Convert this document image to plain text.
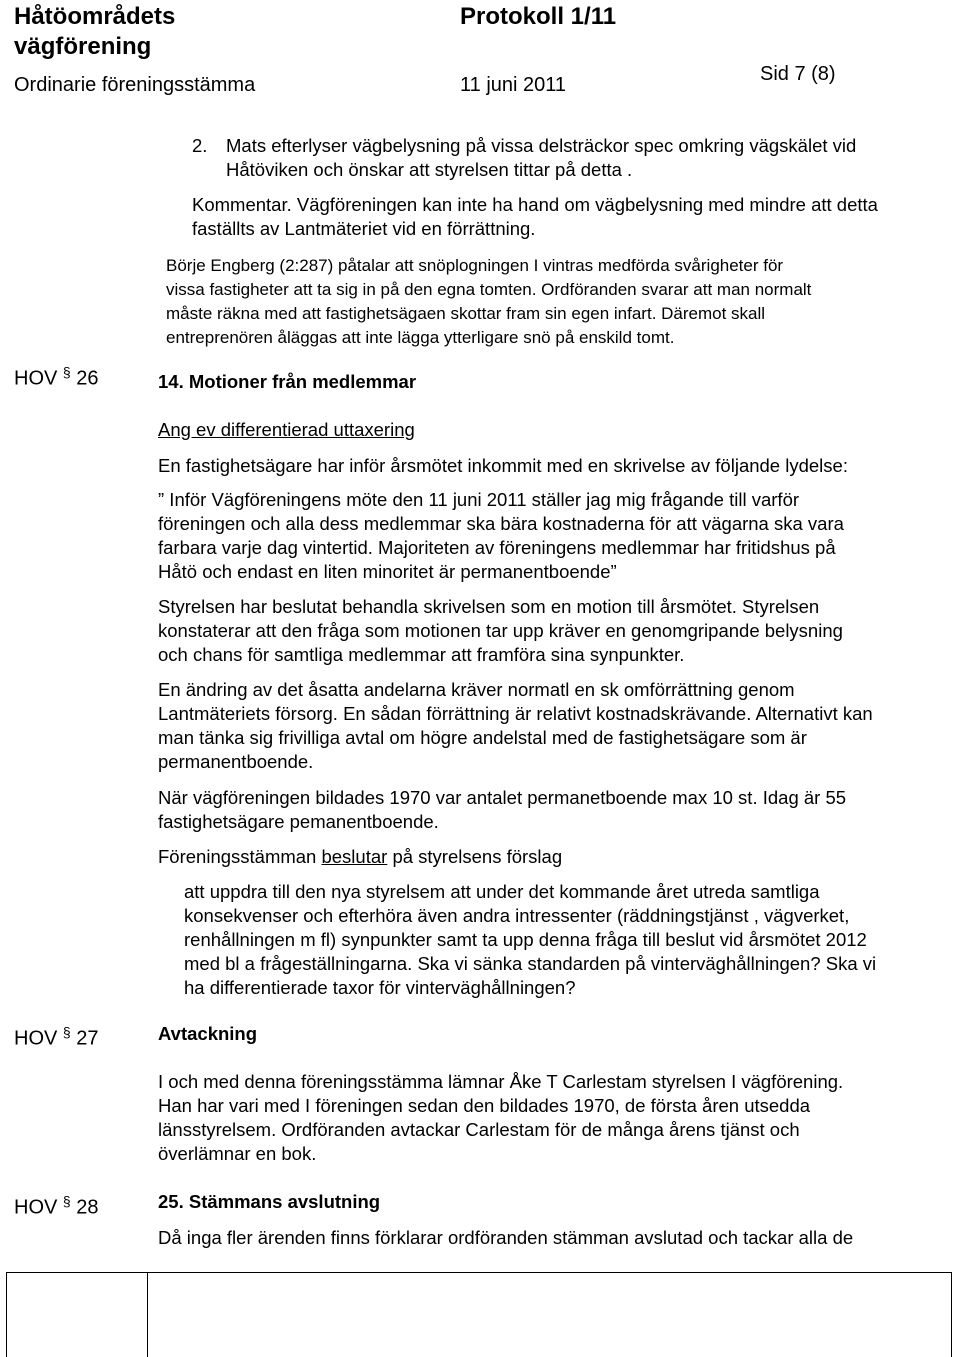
Håtöområdets
vägförening
Protokoll 1/11
Ordinarie föreningsstämma	11 juni 2011	Sid 7 (8)
2. Mats efterlyser vägbelysning på vissa delsträckor spec omkring vägskälet vid
Håtöviken och önskar att styrelsen tittar på detta .
Kommentar. Vägföreningen kan inte ha hand om vägbelysning med mindre att detta
faställts av Lantmäteriet vid en förrättning.
Börje Engberg (2:287) påtalar att snöplogningen I vintras medförda svårigheter för
vissa fastigheter att ta sig in på den egna tomten. Ordföranden svarar att man normalt
måste räkna med att fastighetsägaen skottar fram sin egen infart. Däremot skall
entreprenören åläggas att inte lägga ytterligare snö på enskild tomt.
HOV § 26	14. Motioner från medlemmar
Ang ev differentierad uttaxering
En fastighetsägare har inför årsmötet inkommit med en skrivelse av följande lydelse:
” Inför Vägföreningens möte den 11 juni 2011 ställer jag mig frågande till varför
föreningen och alla dess medlemmar ska bära kostnaderna för att vägarna ska vara
farbara varje dag vintertid. Majoriteten av föreningens medlemmar har fritidshus på
Håtö och endast en liten minoritet är permanentboende”
Styrelsen har beslutat behandla skrivelsen som en motion till årsmötet. Styrelsen
konstaterar att den fråga som motionen tar upp kräver en genomgripande belysning
och chans för samtliga medlemmar att framföra sina synpunkter.
En ändring av det åsatta andelarna kräver normatl en sk omförrättning genom
Lantmäteriets försorg. En sådan förrättning är relativt kostnadskrävande. Alternativt kan
man tänka sig frivilliga avtal om högre andelstal med de fastighetsägare som är
permanentboende.
När vägföreningen bildades 1970 var antalet permanetboende max 10 st. Idag är 55
fastighetsägare pemanentboende.
Föreningsstämman beslutar på styrelsens förslag
att uppdra till den nya styrelsem att under det kommande året utreda samtliga
konsekvenser och efterhöra även andra intressenter (räddningstjänst , vägverket,
renhållningen m fl) synpunkter samt ta upp denna fråga till beslut vid årsmötet 2012
med bl a frågeställningarna. Ska vi sänka standarden på vinterväghållningen? Ska vi
ha differentierade taxor för vinterväghållningen?
HOV § 27	Avtackning
I och med denna föreningsstämma lämnar Åke T Carlestam styrelsen I vägförening.
Han har vari med I föreningen sedan den bildades 1970, de första åren utsedda
länsstyrelsem. Ordföranden avtackar Carlestam för de många årens tjänst och
överlämnar en bok.
HOV § 28	25. Stämmans avslutning
Då inga fler ärenden finns förklarar ordföranden stämman avslutad och tackar alla de
